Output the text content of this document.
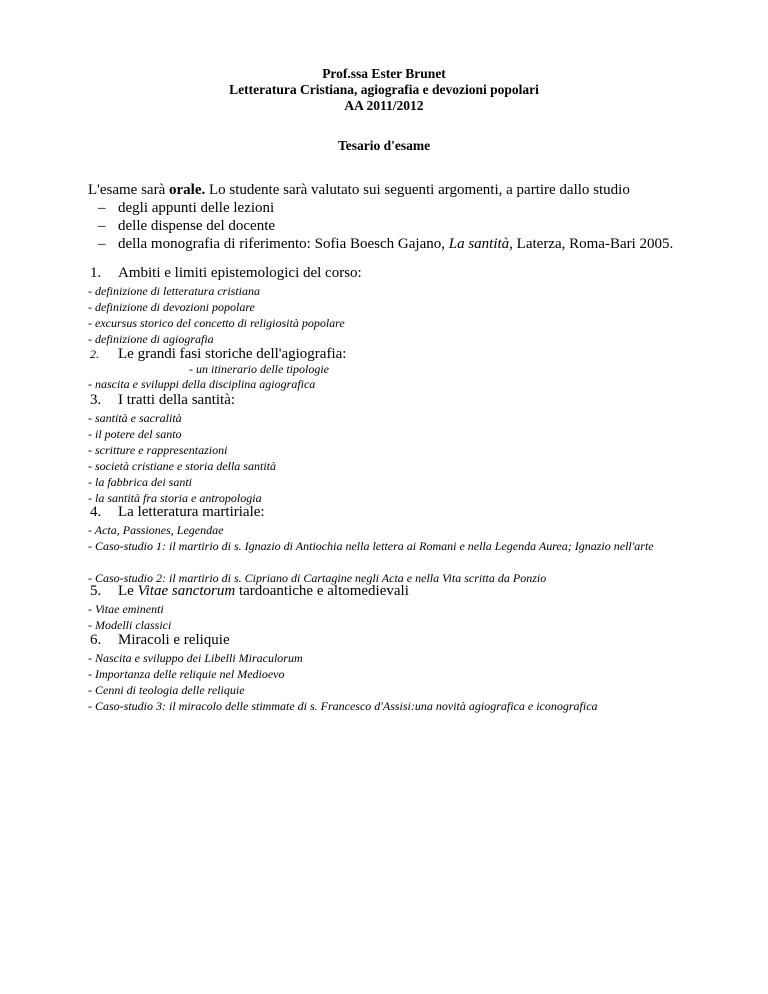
Prof.ssa Ester Brunet
Letteratura Cristiana, agiografia e devozioni popolari
AA 2011/2012
Tesario d'esame
L'esame sarà orale. Lo studente sarà valutato sui seguenti argomenti, a partire dallo studio
– degli appunti delle lezioni
– delle dispense del docente
– della monografia di riferimento: Sofia Boesch Gajano, La santità, Laterza, Roma-Bari 2005.
1. Ambiti e limiti epistemologici del corso:
- definizione di letteratura cristiana
- definizione di devozioni popolare
- excursus storico del concetto di religiosità popolare
- definizione di agiografia
2. Le grandi fasi storiche dell'agiografia:
- un itinerario delle tipologie
- nascita e sviluppi della disciplina agiografica
3. I tratti della santità:
- santità e sacralità
- il potere del santo
- scritture e rappresentazioni
- società cristiane e storia della santità
- la fabbrica dei santi
- la santità fra storia e antropologia
4. La letteratura martiriale:
- Acta, Passiones, Legendae
- Caso-studio 1: il martirio di s. Ignazio di Antiochia nella lettera ai Romani e nella Legenda Aurea; Ignazio nell'arte
- Caso-studio 2: il martirio di s. Cipriano di Cartagine negli Acta e nella Vita scritta da Ponzio
5. Le Vitae sanctorum tardoantiche e altomedievali
- Vitae eminenti
- Modelli classici
6. Miracoli e reliquie
- Nascita e sviluppo dei Libelli Miraculorum
- Importanza delle reliquie nel Medioevo
- Cenni di teologia delle reliquie
- Caso-studio 3: il miracolo delle stimmate di s. Francesco d'Assisi:una novità agiografica e iconografica
